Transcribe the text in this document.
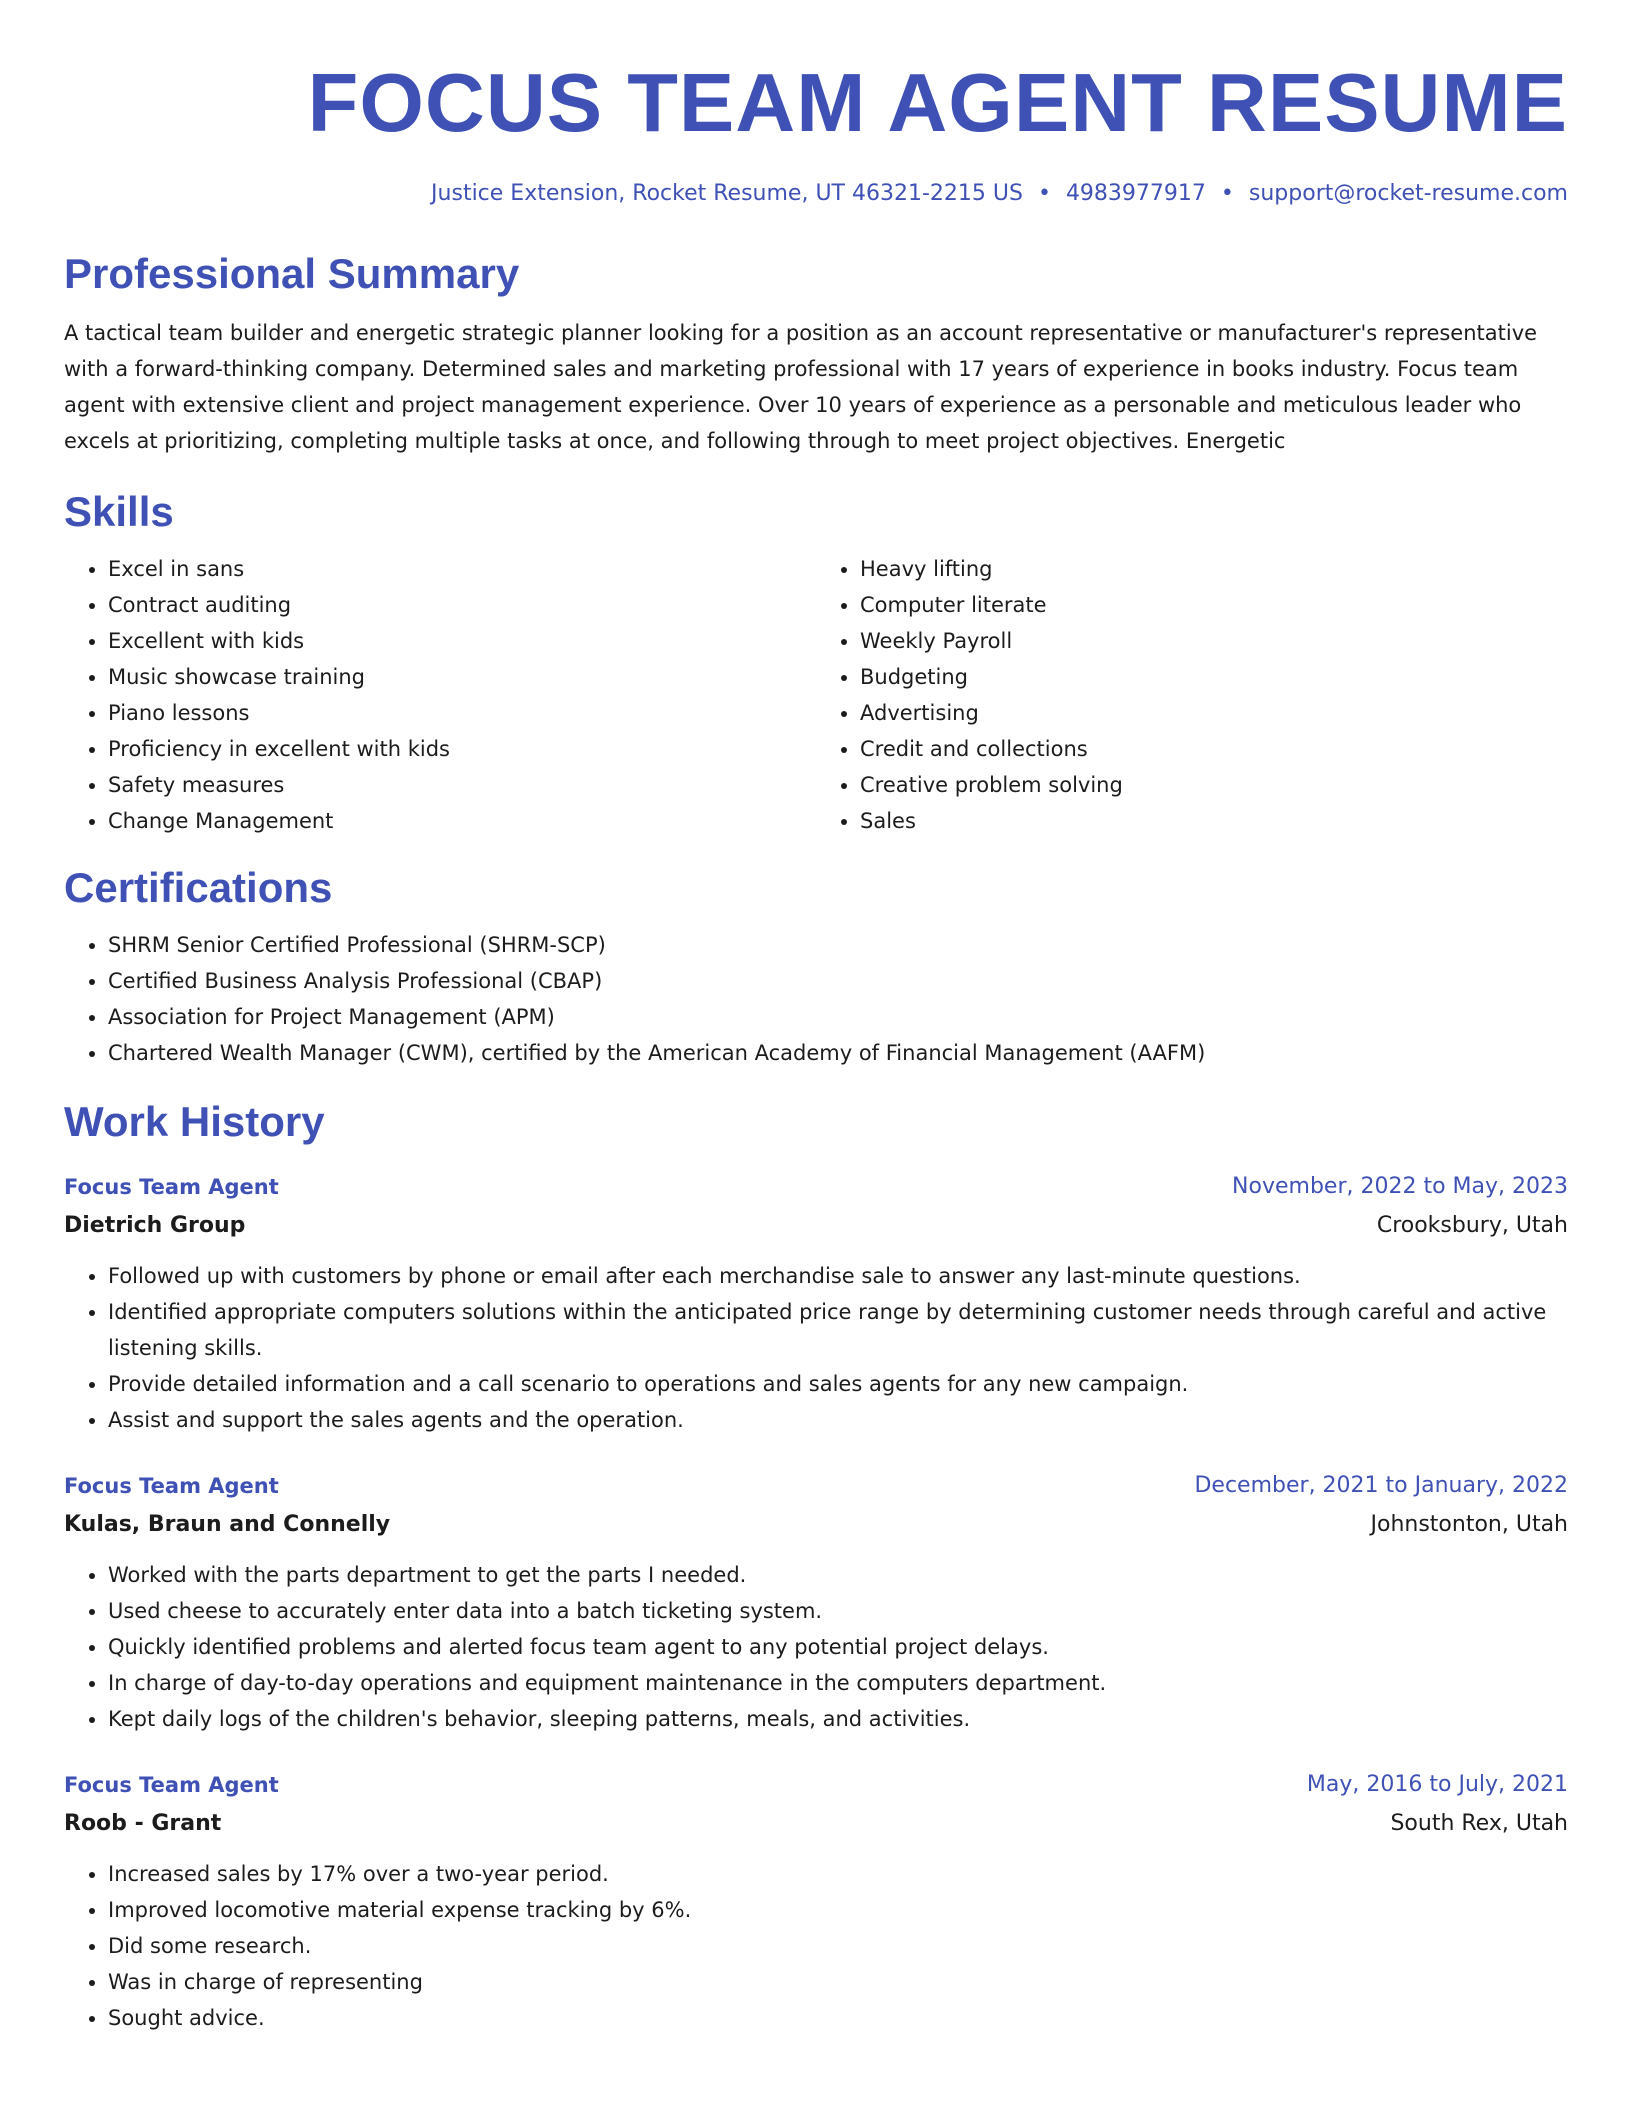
FOCUS TEAM AGENT RESUME
Justice Extension, Rocket Resume, UT 46321-2215 US • 4983977917 • support@rocket-resume.com
Professional Summary
A tactical team builder and energetic strategic planner looking for a position as an account representative or manufacturer's representative with a forward-thinking company. Determined sales and marketing professional with 17 years of experience in books industry. Focus team agent with extensive client and project management experience. Over 10 years of experience as a personable and meticulous leader who excels at prioritizing, completing multiple tasks at once, and following through to meet project objectives. Energetic
Skills
• Excel in sans
• Contract auditing
• Excellent with kids
• Music showcase training
• Piano lessons
• Proficiency in excellent with kids
• Safety measures
• Change Management
• Heavy lifting
• Computer literate
• Weekly Payroll
• Budgeting
• Advertising
• Credit and collections
• Creative problem solving
• Sales
Certifications
• SHRM Senior Certified Professional (SHRM-SCP)
• Certified Business Analysis Professional (CBAP)
• Association for Project Management (APM)
• Chartered Wealth Manager (CWM), certified by the American Academy of Financial Management (AAFM)
Work History
Focus Team Agent	November, 2022 to May, 2023
Dietrich Group	Crooksbury, Utah
• Followed up with customers by phone or email after each merchandise sale to answer any last-minute questions.
• Identified appropriate computers solutions within the anticipated price range by determining customer needs through careful and active listening skills.
• Provide detailed information and a call scenario to operations and sales agents for any new campaign.
• Assist and support the sales agents and the operation.
Focus Team Agent	December, 2021 to January, 2022
Kulas, Braun and Connelly	Johnstonton, Utah
• Worked with the parts department to get the parts I needed.
• Used cheese to accurately enter data into a batch ticketing system.
• Quickly identified problems and alerted focus team agent to any potential project delays.
• In charge of day-to-day operations and equipment maintenance in the computers department.
• Kept daily logs of the children's behavior, sleeping patterns, meals, and activities.
Focus Team Agent	May, 2016 to July, 2021
Roob - Grant	South Rex, Utah
• Increased sales by 17% over a two-year period.
• Improved locomotive material expense tracking by 6%.
• Did some research.
• Was in charge of representing
• Sought advice.
